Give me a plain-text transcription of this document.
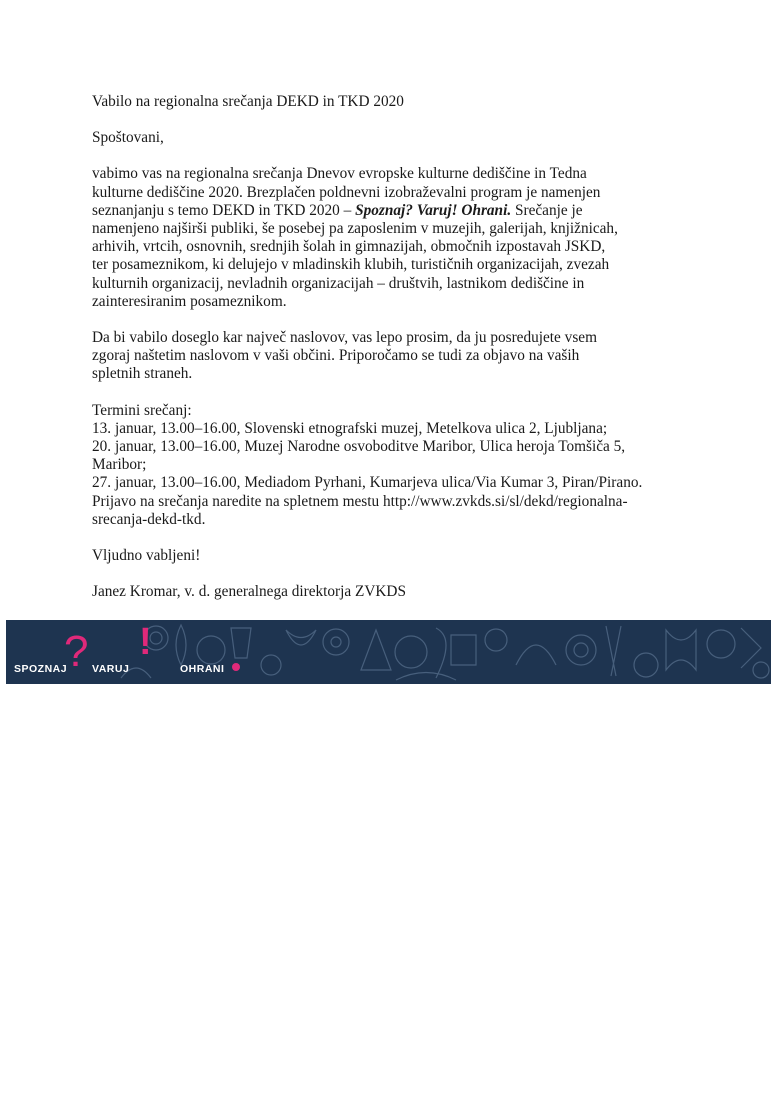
Vabilo na regionalna srečanja DEKD in TKD 2020

Spoštovani,

vabimo vas na regionalna srečanja Dnevov evropske kulturne dediščine in Tedna
kulturne dediščine 2020. Brezplačen poldnevni izobraževalni program je namenjen
seznanjanju s temo DEKD in TKD 2020 – Spoznaj? Varuj! Ohrani. Srečanje je
namenjeno najširši publiki, še posebej pa zaposlenim v muzejih, galerijah, knjižnicah,
arhivih, vrtcih, osnovnih, srednjih šolah in gimnazijah, območnih izpostavah JSKD,
ter posameznikom, ki delujejo v mladinskih klubih, turističnih organizacijah, zvezah
kulturnih organizacij, nevladnih organizacijah – društvih, lastnikom dediščine in
zainteresiranim posameznikom.

Da bi vabilo doseglo kar največ naslovov, vas lepo prosim, da ju posredujete vsem
zgoraj naštetim naslovom v vaši občini. Priporočamo se tudi za objavo na vaših
spletnih straneh.

Termini srečanj:
13. januar, 13.00–16.00, Slovenski etnografski muzej, Metelkova ulica 2, Ljubljana;
20. januar, 13.00–16.00, Muzej Narodne osvoboditve Maribor, Ulica heroja Tomšiča 5,
Maribor;
27. januar, 13.00–16.00, Mediadom Pyrhani, Kumarjeva ulica/Via Kumar 3, Piran/Pirano.
Prijavo na srečanja naredite na spletnem mestu http://www.zvkds.si/sl/dekd/regionalna-
srecanja-dekd-tkd.

Vljudno vabljeni!

Janez Kromar, v. d. generalnega direktorja ZVKDS

? !
SPOZNAJ VARUJ	OHRANI
